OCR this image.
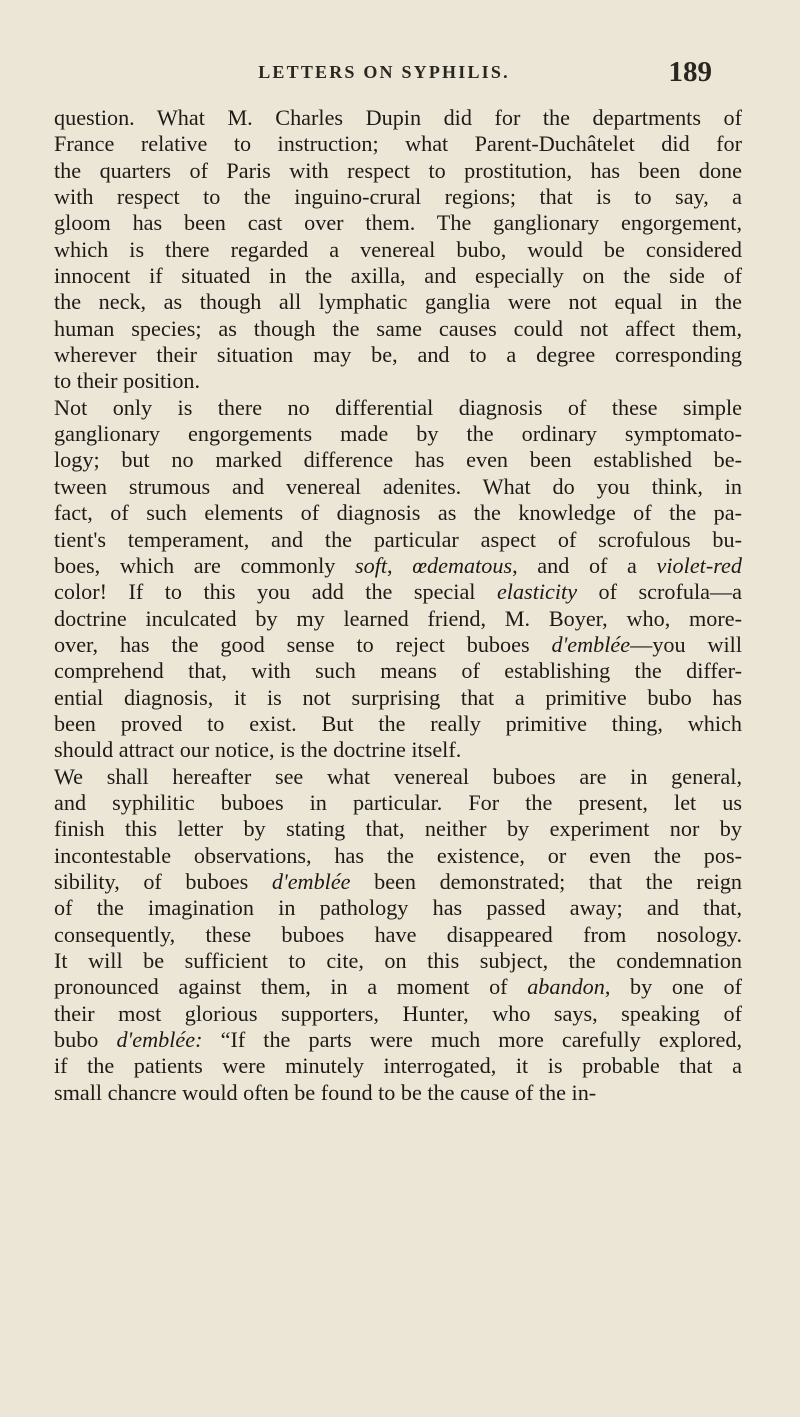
LETTERS ON SYPHILIS.	189

question. What M. Charles Dupin did for the departments of
France relative to instruction; what Parent-Duchâtelet did for
the quarters of Paris with respect to prostitution, has been done
with respect to the inguino-crural regions; that is to say, a
gloom has been cast over them. The ganglionary engorgement,
which is there regarded a venereal bubo, would be considered
innocent if situated in the axilla, and especially on the side of
the neck, as though all lymphatic ganglia were not equal in the
human species; as though the same causes could not affect them,
wherever their situation may be, and to a degree corresponding
to their position.

Not only is there no differential diagnosis of these simple
ganglionary engorgements made by the ordinary symptomato-
logy; but no marked difference has even been established be-
tween strumous and venereal adenites. What do you think, in
fact, of such elements of diagnosis as the knowledge of the pa-
tient's temperament, and the particular aspect of scrofulous bu-
boes, which are commonly soft, œdematous, and of a violet-red
color! If to this you add the special elasticity of scrofula—a
doctrine inculcated by my learned friend, M. Boyer, who, more-
over, has the good sense to reject buboes d'emblée—you will
comprehend that, with such means of establishing the differ-
ential diagnosis, it is not surprising that a primitive bubo has
been proved to exist. But the really primitive thing, which
should attract our notice, is the doctrine itself.

We shall hereafter see what venereal buboes are in general,
and syphilitic buboes in particular. For the present, let us
finish this letter by stating that, neither by experiment nor by
incontestable observations, has the existence, or even the pos-
sibility, of buboes d'emblée been demonstrated; that the reign
of the imagination in pathology has passed away; and that,
consequently, these buboes have disappeared from nosology.
It will be sufficient to cite, on this subject, the condemnation
pronounced against them, in a moment of abandon, by one of
their most glorious supporters, Hunter, who says, speaking of
bubo d'emblée: “If the parts were much more carefully explored,
if the patients were minutely interrogated, it is probable that a
small chancre would often be found to be the cause of the in-
